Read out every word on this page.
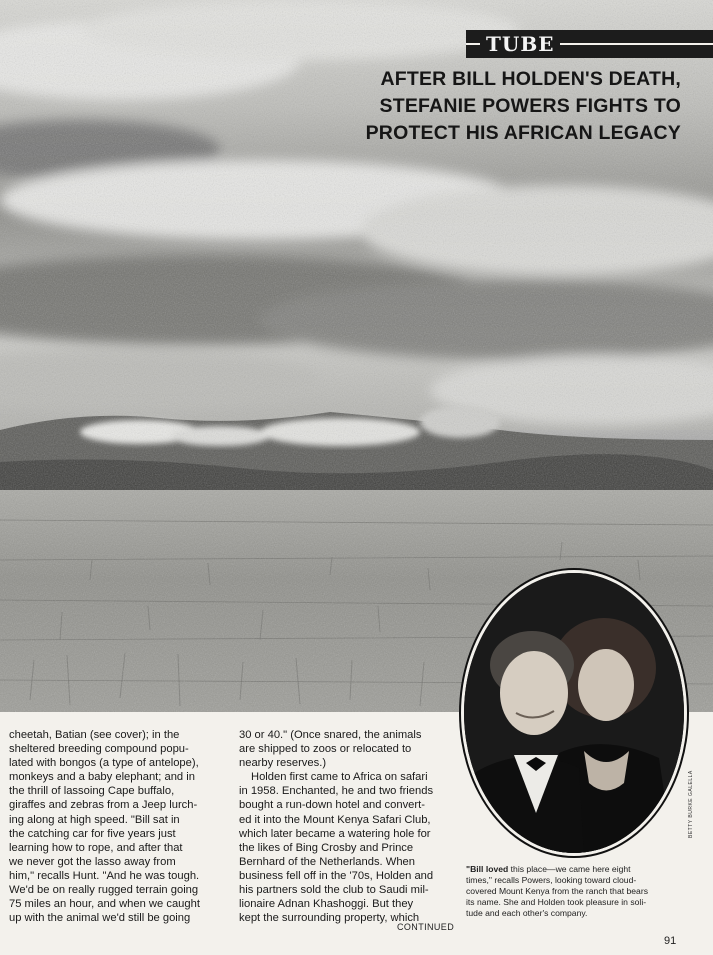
TUBE
AFTER BILL HOLDEN'S DEATH,
STEFANIE POWERS FIGHTS TO
PROTECT HIS AFRICAN LEGACY
BETTY BURKE GALELLA

cheetah, Batian (see cover); in the

sheltered breeding compound popu-

lated with bongos (a type of antelope),

monkeys and a baby elephant; and in

the thrill of lassoing Cape buffalo,

giraffes and zebras from a Jeep lurch-

ing along at high speed. "Bill sat in

the catching car for five years just

learning how to rope, and after that

we never got the lasso away from

him," recalls Hunt. "And he was tough.

We'd be on really rugged terrain going

75 miles an hour, and when we caught

up with the animal we'd still be going

30 or 40." (Once snared, the animals

are shipped to zoos or relocated to

nearby reserves.)

Holden first came to Africa on safari

in 1958. Enchanted, he and two friends

bought a run-down hotel and convert-

ed it into the Mount Kenya Safari Club,

which later became a watering hole for

the likes of Bing Crosby and Prince

Bernhard of the Netherlands. When

business fell off in the '70s, Holden and

his partners sold the club to Saudi mil-

lionaire Adnan Khashoggi. But they

kept the surrounding property, which

CONTINUED

"Bill loved this place—we came here eight

times," recalls Powers, looking toward cloud-

covered Mount Kenya from the ranch that bears

its name. She and Holden took pleasure in soli-

tude and each other's company.

91
